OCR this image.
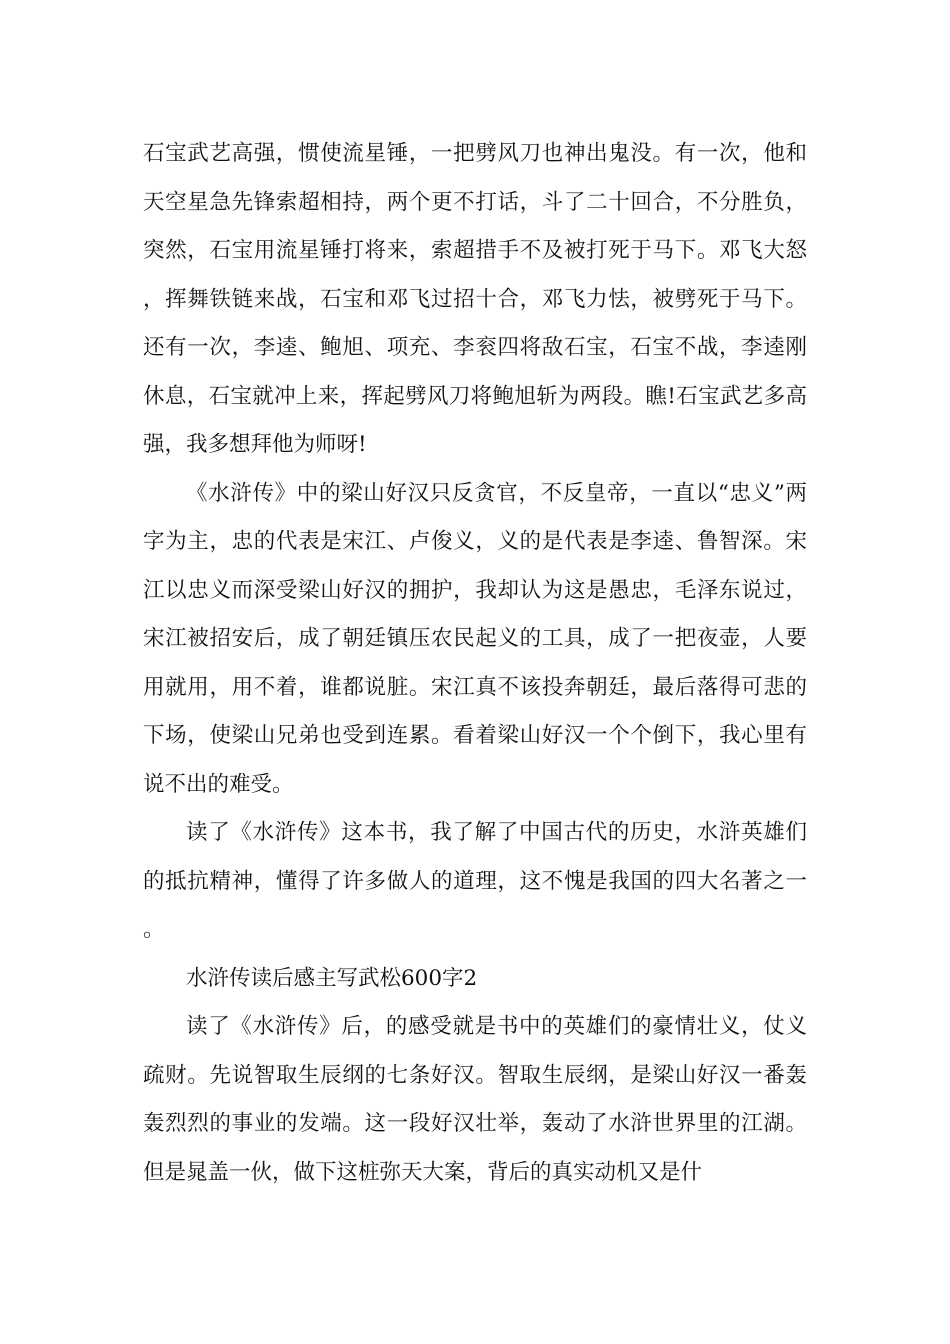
石宝武艺高强，惯使流星锤，一把劈风刀也神出鬼没。有一次，他和天空星急先锋索超相持，两个更不打话，斗了二十回合，不分胜负，突然，石宝用流星锤打将来，索超措手不及被打死于马下。邓飞大怒，挥舞铁链来战，石宝和邓飞过招十合，邓飞力怯，被劈死于马下。还有一次，李逵、鲍旭、项充、李衮四将敌石宝，石宝不战，李逵刚休息，石宝就冲上来，挥起劈风刀将鲍旭斩为两段。瞧!石宝武艺多高强，我多想拜他为师呀!

《水浒传》中的梁山好汉只反贪官，不反皇帝，一直以“忠义”两字为主，忠的代表是宋江、卢俊义，义的是代表是李逵、鲁智深。宋江以忠义而深受梁山好汉的拥护，我却认为这是愚忠，毛泽东说过，宋江被招安后，成了朝廷镇压农民起义的工具，成了一把夜壶，人要用就用，用不着，谁都说脏。宋江真不该投奔朝廷，最后落得可悲的下场，使梁山兄弟也受到连累。看着梁山好汉一个个倒下，我心里有说不出的难受。

读了《水浒传》这本书，我了解了中国古代的历史，水浒英雄们的抵抗精神，懂得了许多做人的道理，这不愧是我国的四大名著之一。

水浒传读后感主写武松600字2

读了《水浒传》后，的感受就是书中的英雄们的豪情壮义，仗义疏财。先说智取生辰纲的七条好汉。智取生辰纲，是梁山好汉一番轰轰烈烈的事业的发端。这一段好汉壮举，轰动了水浒世界里的江湖。但是晁盖一伙，做下这桩弥天大案，背后的真实动机又是什
